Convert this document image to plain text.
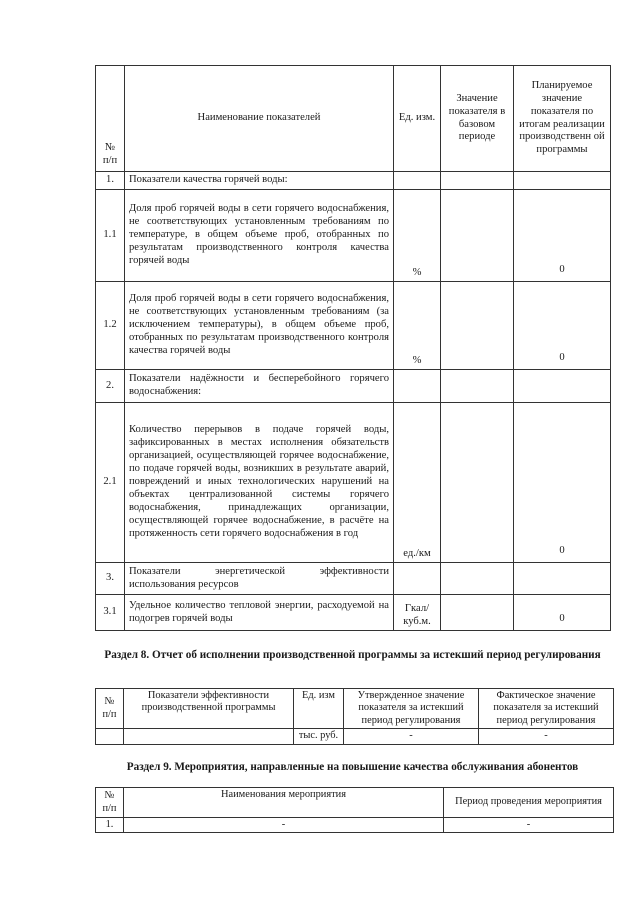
№ п/п	Наименование показателей	Ед. изм.	Значение показателя в базовом периоде	Планируемое значение показателя по итогам реализации производственн ой программы
1.	Показатели качества горячей воды:			
1.1	Доля проб горячей воды в сети горячего водоснабжения, не соответствующих установленным требованиям по температуре, в общем объеме проб, отобранных по результатам производственного контроля качества горячей воды	%		0
1.2	Доля проб горячей воды в сети горячего водоснабжения, не соответствующих установленным требованиям (за исключением температуры), в общем объеме проб, отобранных по результатам производственного контроля качества горячей воды	%		0
2.	Показатели надёжности и бесперебойного горячего водоснабжения:			
2.1	Количество перерывов в подаче горячей воды, зафиксированных в местах исполнения обязательств организацией, осуществляющей горячее водоснабжение, по подаче горячей воды, возникших в результате аварий, повреждений и иных технологических нарушений на объектах централизованной системы горячего водоснабжения, принадлежащих организации, осуществляющей горячее водоснабжение, в расчёте на протяженность сети горячего водоснабжения в год	ед./км		0
3.	Показатели энергетической эффективности использования ресурсов			
3.1	Удельное количество тепловой энергии, расходуемой на подогрев горячей воды	Гкал/ куб.м.		0
Раздел 8. Отчет об исполнении производственной программы за истекший период регулирования
№ п/п	Показатели эффективности производственной программы	Ед. изм	Утвержденное значение показателя за истекший период регулирования	Фактическое значение показателя за истекший период регулирования
		тыс. руб.	-	-
Раздел 9. Мероприятия, направленные на повышение качества обслуживания абонентов
№ п/п	Наименования мероприятия	Период проведения мероприятия
1.	-	-
